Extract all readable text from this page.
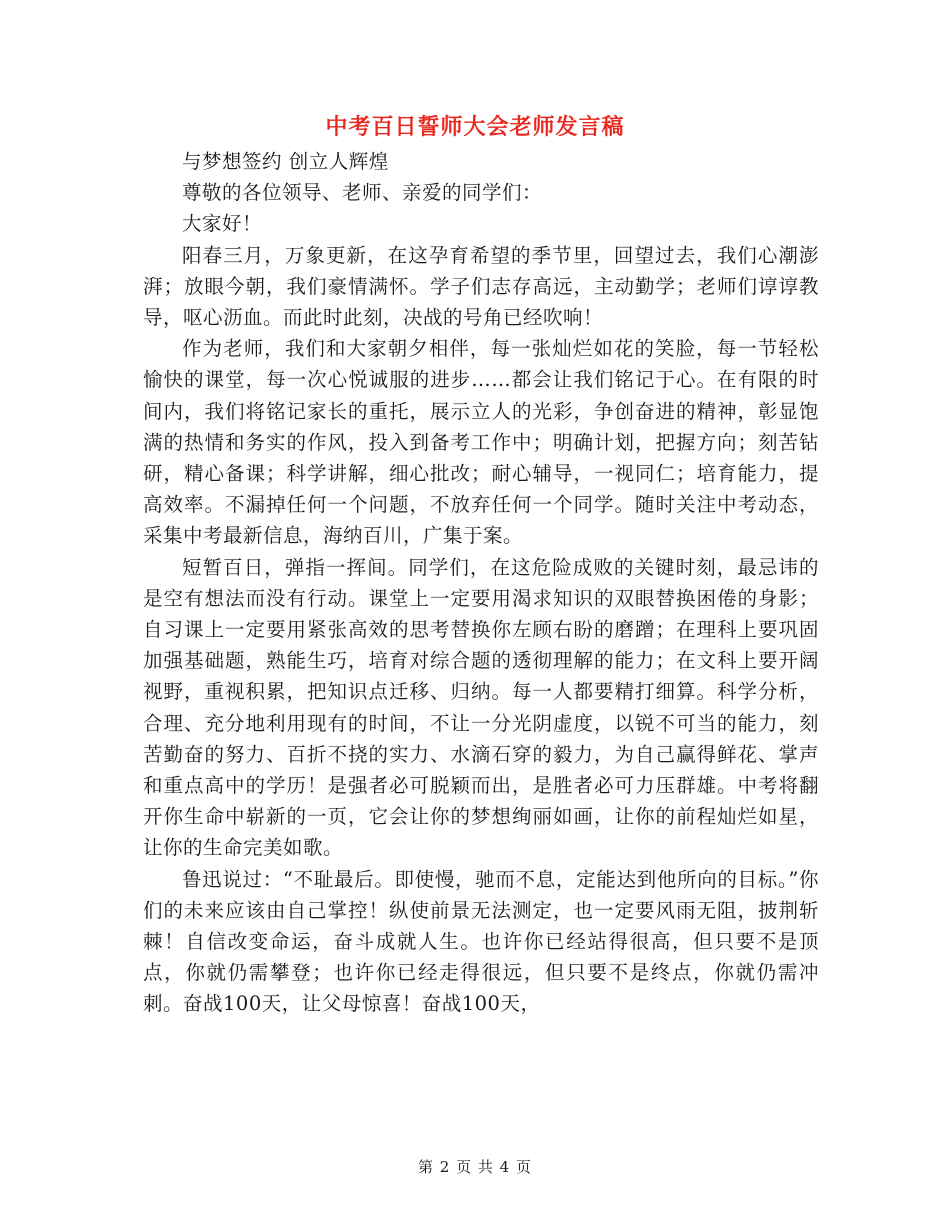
中考百日誓师大会老师发言稿

与梦想签约 创立人辉煌

尊敬的各位领导、老师、亲爱的同学们：

大家好！

阳春三月，万象更新，在这孕育希望的季节里，回望过去，我们心潮澎湃；放眼今朝，我们豪情满怀。学子们志存高远，主动勤学；老师们谆谆教导，呕心沥血。而此时此刻，决战的号角已经吹响！

作为老师，我们和大家朝夕相伴，每一张灿烂如花的笑脸，每一节轻松愉快的课堂，每一次心悦诚服的进步……都会让我们铭记于心。在有限的时间内，我们将铭记家长的重托，展示立人的光彩，争创奋进的精神，彰显饱满的热情和务实的作风，投入到备考工作中；明确计划，把握方向；刻苦钻研，精心备课；科学讲解，细心批改；耐心辅导，一视同仁；培育能力，提高效率。不漏掉任何一个问题，不放弃任何一个同学。随时关注中考动态，采集中考最新信息，海纳百川，广集于案。

短暂百日，弹指一挥间。同学们，在这危险成败的关键时刻，最忌讳的是空有想法而没有行动。课堂上一定要用渴求知识的双眼替换困倦的身影；自习课上一定要用紧张高效的思考替换你左顾右盼的磨蹭；在理科上要巩固加强基础题，熟能生巧，培育对综合题的透彻理解的能力；在文科上要开阔视野，重视积累，把知识点迁移、归纳。每一人都要精打细算。科学分析，合理、充分地利用现有的时间，不让一分光阴虚度，以锐不可当的能力，刻苦勤奋的努力、百折不挠的实力、水滴石穿的毅力，为自己赢得鲜花、掌声和重点高中的学历！是强者必可脱颖而出，是胜者必可力压群雄。中考将翻开你生命中崭新的一页，它会让你的梦想绚丽如画，让你的前程灿烂如星，让你的生命完美如歌。

鲁迅说过：“不耻最后。即使慢，驰而不息，定能达到他所向的目标。”你们的未来应该由自己掌控！纵使前景无法测定，也一定要风雨无阻，披荆斩棘！自信改变命运，奋斗成就人生。也许你已经站得很高，但只要不是顶点，你就仍需攀登；也许你已经走得很远，但只要不是终点，你就仍需冲刺。奋战100天，让父母惊喜！奋战100天，

第 2 页 共 4 页
